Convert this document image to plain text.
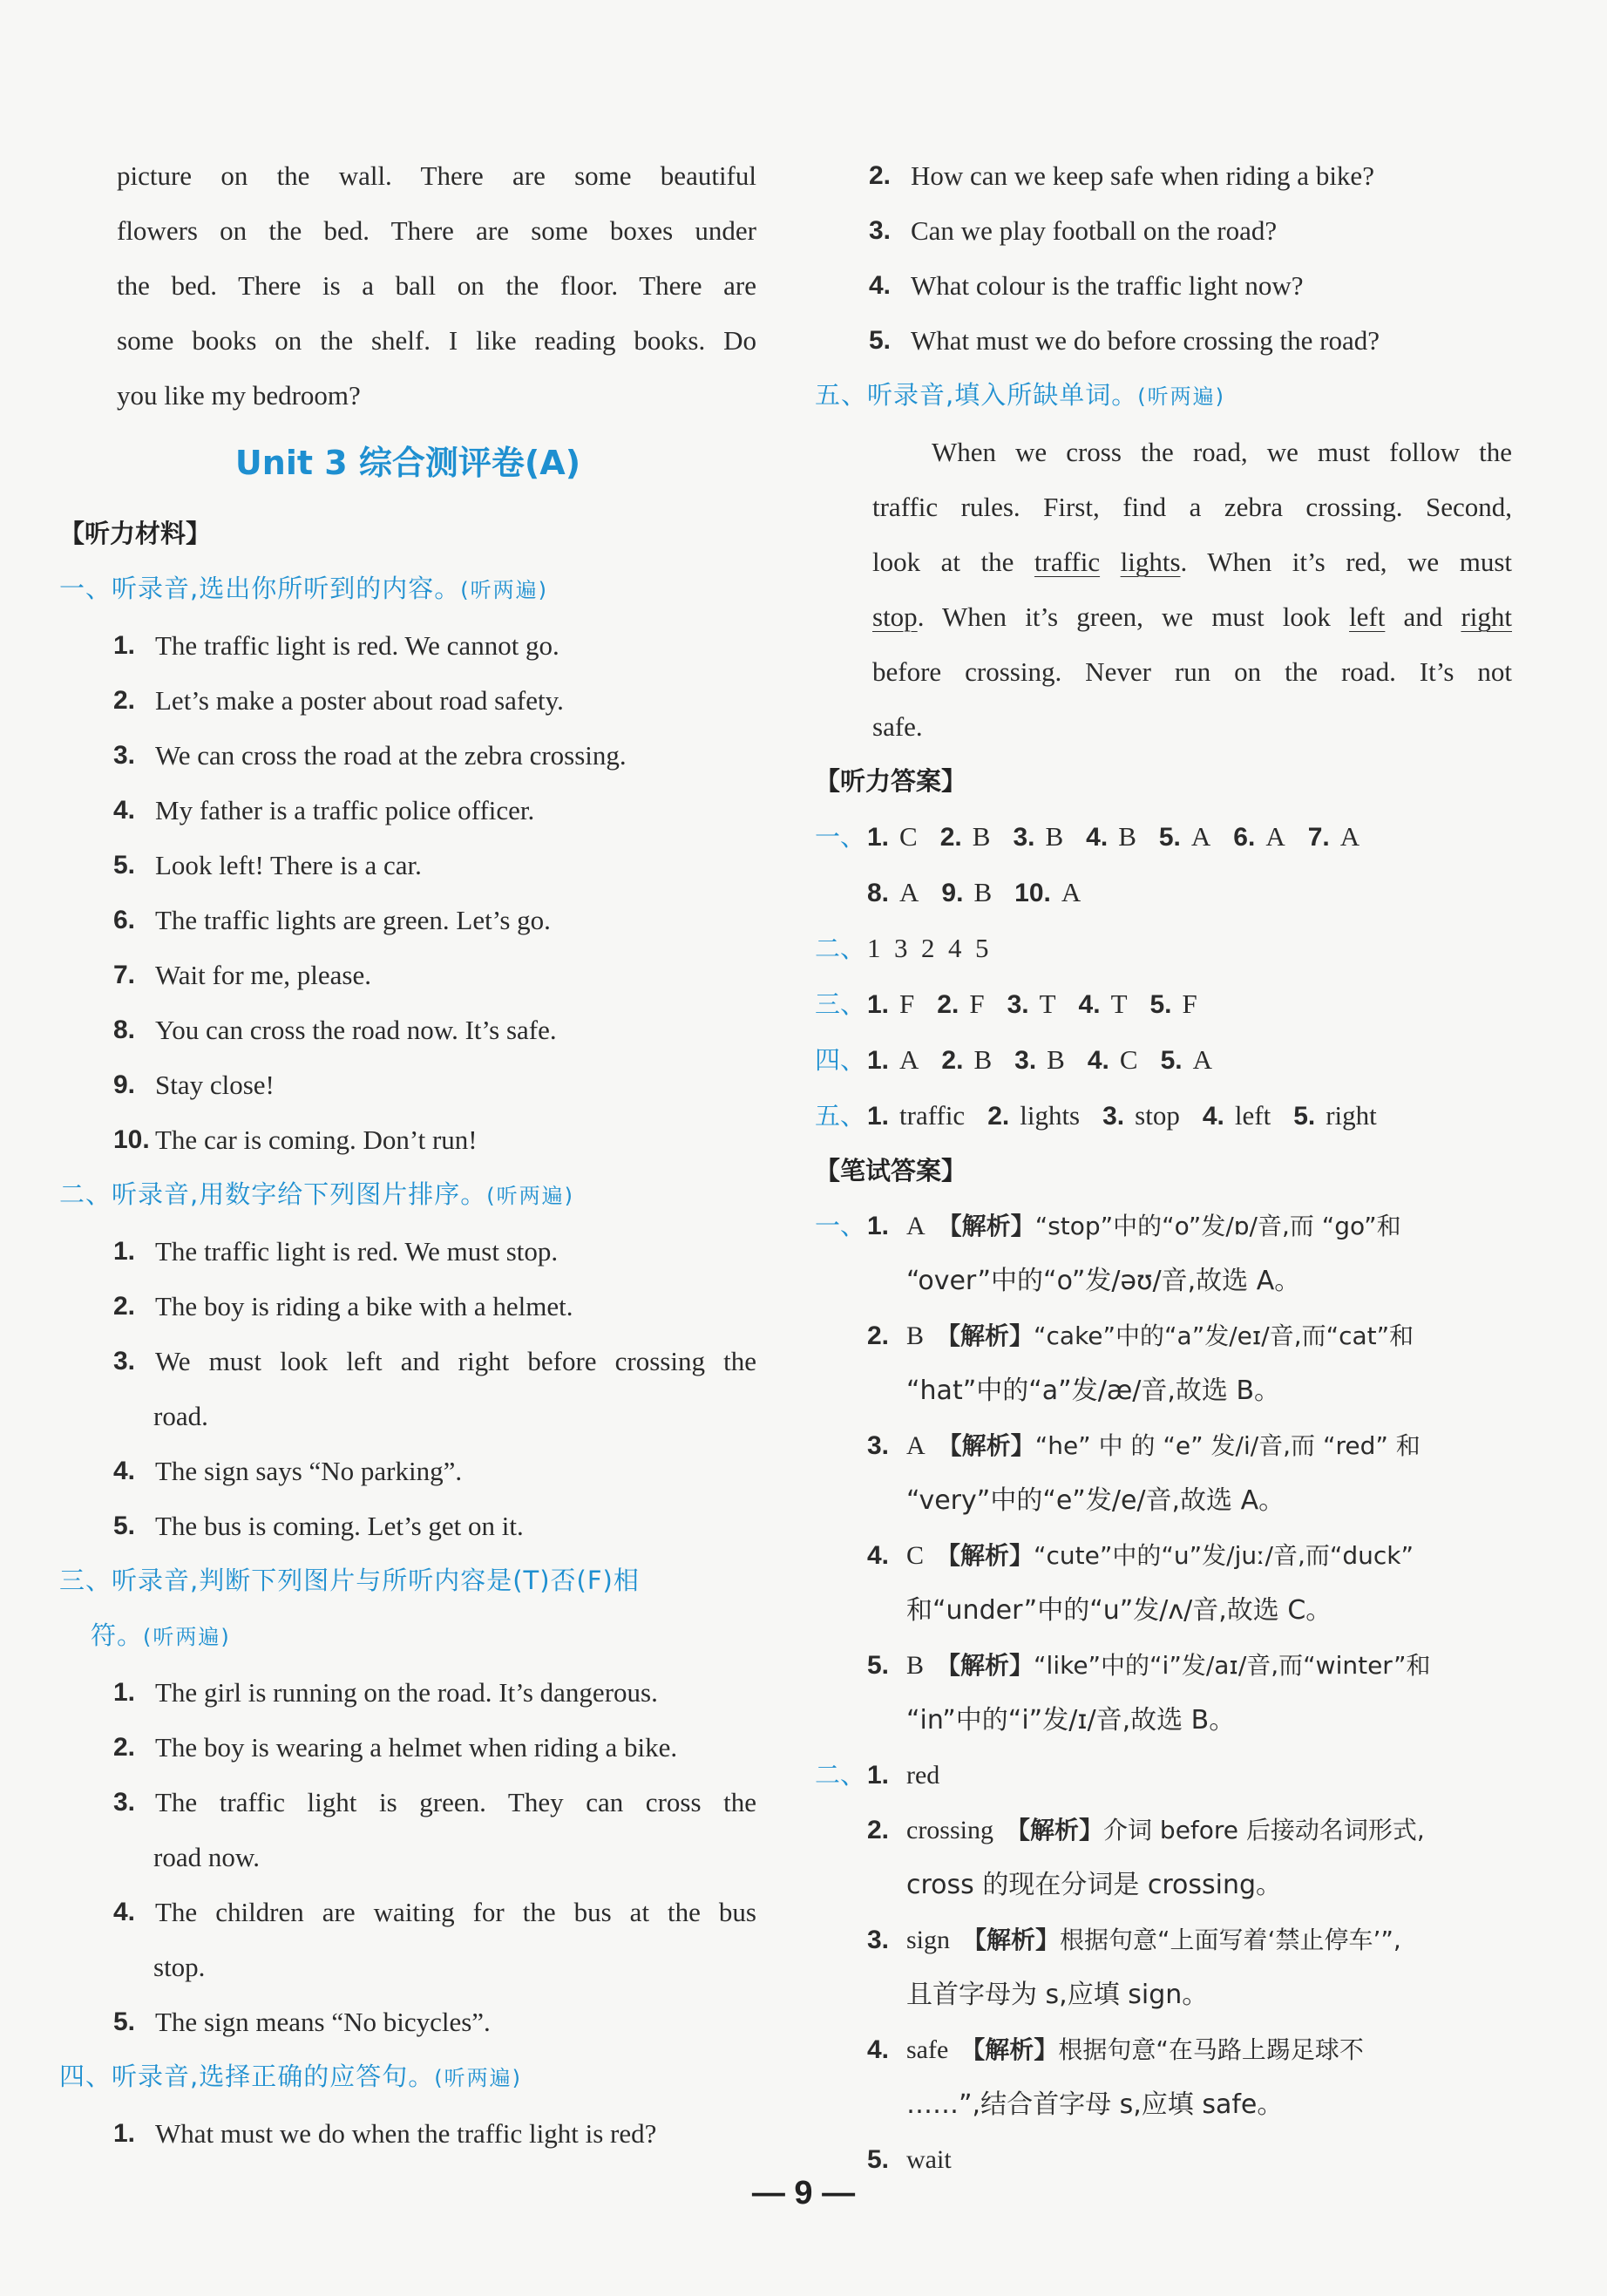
picture on the wall. There are some beautiful
flowers on the bed. There are some boxes under
the bed. There is a ball on the floor. There are
some books on the shelf. I like reading books. Do
you like my bedroom?
Unit 3 综合测评卷(A)
【听力材料】
一、听录音,选出你所听到的内容。(听两遍)
1. The traffic light is red. We cannot go.
2. Let’s make a poster about road safety.
3. We can cross the road at the zebra crossing.
4. My father is a traffic police officer.
5. Look left! There is a car.
6. The traffic lights are green. Let’s go.
7. Wait for me, please.
8. You can cross the road now. It’s safe.
9. Stay close!
10. The car is coming. Don’t run!
二、听录音,用数字给下列图片排序。(听两遍)
1. The traffic light is red. We must stop.
2. The boy is riding a bike with a helmet.
3. We must look left and right before crossing the
road.
4. The sign says “No parking”.
5. The bus is coming. Let’s get on it.
三、听录音,判断下列图片与所听内容是(T)否(F)相
符。(听两遍)
1. The girl is running on the road. It’s dangerous.
2. The boy is wearing a helmet when riding a bike.
3. The traffic light is green. They can cross the
road now.
4. The children are waiting for the bus at the bus
stop.
5. The sign means “No bicycles”.
四、听录音,选择正确的应答句。(听两遍)
1. What must we do when the traffic light is red?
2. How can we keep safe when riding a bike?
3. Can we play football on the road?
4. What colour is the traffic light now?
5. What must we do before crossing the road?
五、听录音,填入所缺单词。(听两遍)
When we cross the road, we must follow the
traffic rules. First, find a zebra crossing. Second,
look at the traffic lights. When it’s red, we must
stop. When it’s green, we must look left and right
before crossing. Never run on the road. It’s not
safe.
【听力答案】
一、 1. C 2. B 3. B 4. B 5. A 6. A 7. A
8. A 9. B 10. A
二、 1  3  2  4  5
三、 1. F 2. F 3. T 4. T 5. F
四、 1. A 2. B 3. B 4. C 5. A
五、 1. traffic 2. lights 3. stop 4. left 5. right
【笔试答案】
一、 1. A 【解析】“stop”中的“o”发/ɒ/音,而 “go”和
“over”中的“o”发/əʊ/音,故选 A。
2. B 【解析】“cake”中的“a”发/eɪ/音,而“cat”和
“hat”中的“a”发/æ/音,故选 B。
3. A 【解析】“he” 中 的 “e” 发/i/音,而 “red” 和
“very”中的“e”发/e/音,故选 A。
4. C 【解析】“cute”中的“u”发/juː/音,而“duck”
和“under”中的“u”发/ʌ/音,故选 C。
5. B 【解析】“like”中的“i”发/aɪ/音,而“winter”和
“in”中的“i”发/ɪ/音,故选 B。
二、 1. red
2. crossing 【解析】介词 before 后接动名词形式,
cross 的现在分词是 crossing。
3. sign 【解析】根据句意“上面写着‘禁止停车’”,
且首字母为 s,应填 sign。
4. safe 【解析】根据句意“在马路上踢足球不
……”,结合首字母 s,应填 safe。
5. wait
— 9 —
